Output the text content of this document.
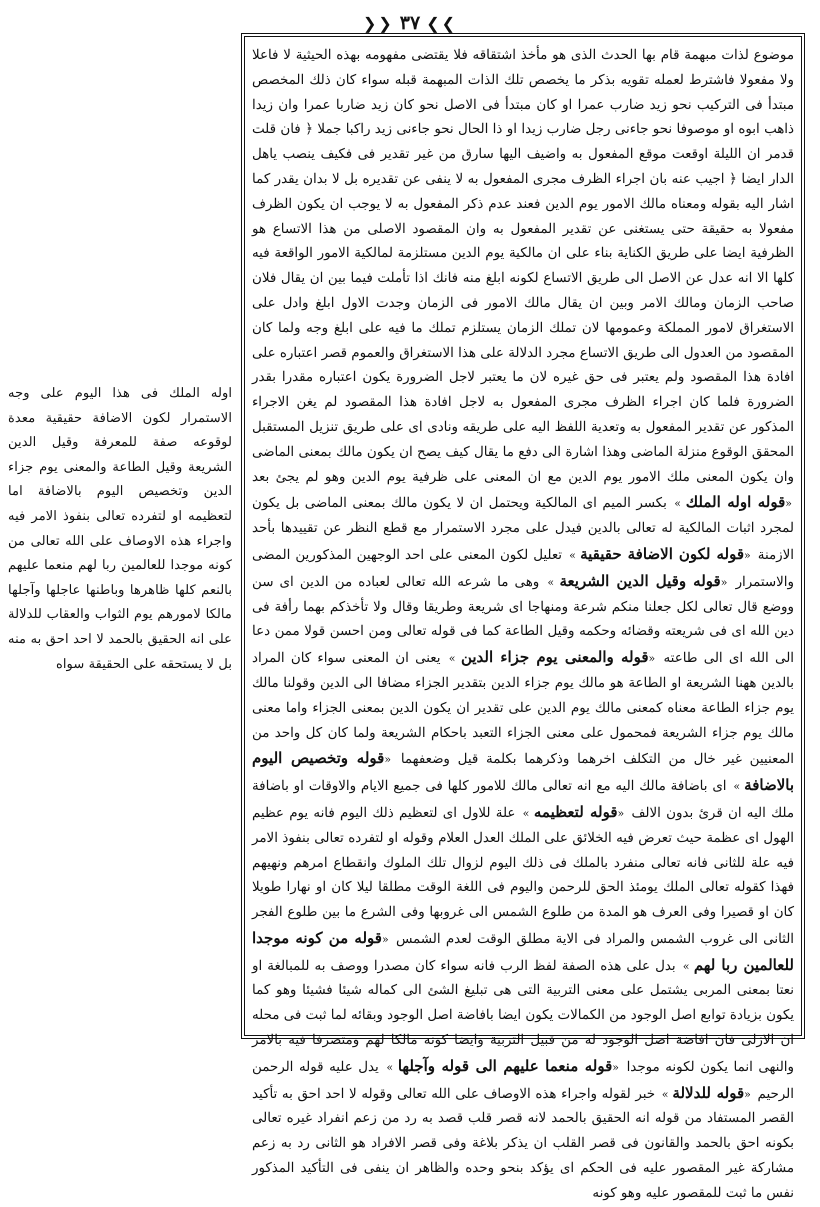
❯❯
٣٧
❮❮

موضوع لذات مبهمة قام بها الحدث الذى هو مأخذ اشتقاقه فلا يقتضى مفهومه بهذه الحيثية لا فاعلا ولا مفعولا فاشترط لعمله تقويه بذكر ما يخصص تلك الذات المبهمة قبله سواء كان ذلك المخصص مبتدأ فى التركيب نحو زيد ضارب عمرا او كان مبتدأ فى الاصل نحو كان زيد ضاربا عمرا وان زيدا ذاهب ابوه او موصوفا نحو جاءنى رجل ضارب زيدا او ذا الحال نحو جاءنى زيد راكبا جملا ﴿ فان قلت قدمر ان الليلة اوقعت موقع المفعول به واضيف اليها سارق من غير تقدير فى فكيف ينصب ياهل الدار ايضا ﴿ اجيب عنه بان اجراء الظرف مجرى المفعول به لا ينفى عن تقديره بل لا بدان يقدر كما اشار اليه بقوله ومعناه مالك الامور يوم الدين فعند عدم ذكر المفعول به لا يوجب ان يكون الظرف مفعولا به حقيقة حتى يستغنى عن تقدير المفعول به وان المقصود الاصلى من هذا الاتساع هو الظرفية ايضا على طريق الكناية بناء على ان مالكية يوم الدين مستلزمة لمالكية الامور الواقعة فيه كلها الا انه عدل عن الاصل الى طريق الاتساع لكونه ابلغ منه فانك اذا تأملت فيما بين ان يقال فلان صاحب الزمان ومالك الامر وبين ان يقال مالك الامور فى الزمان وجدت الاول ابلغ وادل على الاستغراق لامور المملكة وعمومها لان تملك الزمان يستلزم تملك ما فيه على ابلغ وجه ولما كان المقصود من العدول الى طريق الاتساع مجرد الدلالة على هذا الاستغراق والعموم قصر اعتباره على افادة هذا المقصود ولم يعتبر فى حق غيره لان ما يعتبر لاجل الضرورة يكون اعتباره مقدرا بقدر الضرورة فلما كان اجراء الظرف مجرى المفعول به لاجل افادة هذا المقصود لم يغن الاجراء المذكور عن تقدير المفعول به وتعدية اللفظ اليه على طريقه ونادى اى على طريق تنزيل المستقبل المحقق الوقوع منزلة الماضى وهذا اشارة الى دفع ما يقال كيف يصح ان يكون مالك بمعنى الماضى وان يكون المعنى ملك الامور يوم الدين مع ان المعنى على ظرفية يوم الدين وهو لم يجئ بعد « قوله اوله الملك » بكسر الميم اى المالكية ويحتمل ان لا يكون مالك بمعنى الماضى بل يكون لمجرد اثبات المالكية له تعالى بالدين فيدل على مجرد الاستمرار مع قطع النظر عن تقييدها بأحد الازمنة « قوله لكون الاضافة حقيقية » تعليل لكون المعنى على احد الوجهين المذكورين المضى والاستمرار « قوله وقيل الدين الشريعة » وهى ما شرعه الله تعالى لعباده من الدين اى سن ووضع قال تعالى لكل جعلنا منكم شرعة ومنهاجا اى شريعة وطريقا وقال ولا تأخذكم بهما رأفة فى دين الله اى فى شريعته وقضائه وحكمه وقيل الطاعة كما فى قوله تعالى ومن احسن قولا ممن دعا الى الله اى الى طاعته « قوله والمعنى يوم جزاء الدين » يعنى ان المعنى سواء كان المراد بالدين ههنا الشريعة او الطاعة هو مالك يوم جزاء الدين بتقدير الجزاء مضافا الى الدين وقولنا مالك يوم جزاء الطاعة معناه كمعنى مالك يوم الدين على تقدير ان يكون الدين بمعنى الجزاء واما معنى مالك يوم جزاء الشريعة فمحمول على معنى الجزاء التعبد باحكام الشريعة ولما كان كل واحد من المعنيين غير خال من التكلف اخرهما وذكرهما بكلمة قيل وضعفهما « قوله وتخصيص اليوم بالاضافة » اى باضافة مالك اليه مع انه تعالى مالك للامور كلها فى جميع الايام والاوقات او باضافة ملك اليه ان قرئ بدون الالف « قوله لتعظيمه » علة للاول اى لتعظيم ذلك اليوم فانه يوم عظيم الهول اى عظمة حيث تعرض فيه الخلائق على الملك العدل العلام وقوله او لتفرده تعالى بنفوذ الامر فيه علة للثانى فانه تعالى منفرد بالملك فى ذلك اليوم لزوال تلك الملوك وانقطاع امرهم ونهيهم فهذا كقوله تعالى الملك يومئذ الحق للرحمن واليوم فى اللغة الوقت مطلقا ليلا كان او نهارا طويلا كان او قصيرا وفى العرف هو المدة من طلوع الشمس الى غروبها وفى الشرع ما بين طلوع الفجر الثانى الى غروب الشمس والمراد فى الاية مطلق الوقت لعدم الشمس « قوله من كونه موجدا للعالمين ربا لهم » بدل على هذه الصفة لفظ الرب فانه سواء كان مصدرا ووصف به للمبالغة او نعتا بمعنى المربى يشتمل على معنى التربية التى هى تبليغ الشئ الى كماله شيئا فشيئا وهو كما يكون بزيادة توابع اصل الوجود من الكمالات يكون ايضا بافاضة اصل الوجود وبقائه لما ثبت فى محله ان الازلى فان افاضة اصل الوجود له من قبيل التربية وايضا كونه مالكا لهم ومتصرفا فيه بالامر والنهى انما يكون لكونه موجدا « قوله منعما عليهم الى قوله وآجلها » يدل عليه قوله الرحمن الرحيم « قوله للدلالة » خبر لقوله واجراء هذه الاوصاف على الله تعالى وقوله لا احد احق به تأكيد القصر المستفاد من قوله انه الحقيق بالحمد لانه قصر قلب قصد به رد من زعم انفراد غيره تعالى بكونه احق بالحمد والقانون فى قصر القلب ان يذكر بلاغة وفى قصر الافراد هو الثانى رد به زعم مشاركة غير المقصور عليه فى الحكم اى يؤكد بنحو وحده والظاهر ان ينفى فى التأكيد المذكور نفس ما ثبت للمقصور عليه وهو كونه

اوله الملك فى هذا اليوم على وجه الاستمرار لكون الاضافة حقيقية معدة لوقوعه صفة للمعرفة وقيل الدين الشريعة وقيل الطاعة والمعنى يوم جزاء الدين وتخصيص اليوم بالاضافة اما لتعظيمه او لتفرده تعالى بنفوذ الامر فيه واجراء هذه الاوصاف على الله تعالى من كونه موجدا للعالمين ربا لهم منعما عليهم بالنعم كلها ظاهرها وباطنها عاجلها وآجلها مالكا لامورهم يوم الثواب والعقاب للدلالة على انه الحقيق بالحمد لا احد احق به منه بل لا يستحقه على الحقيقة سواه
